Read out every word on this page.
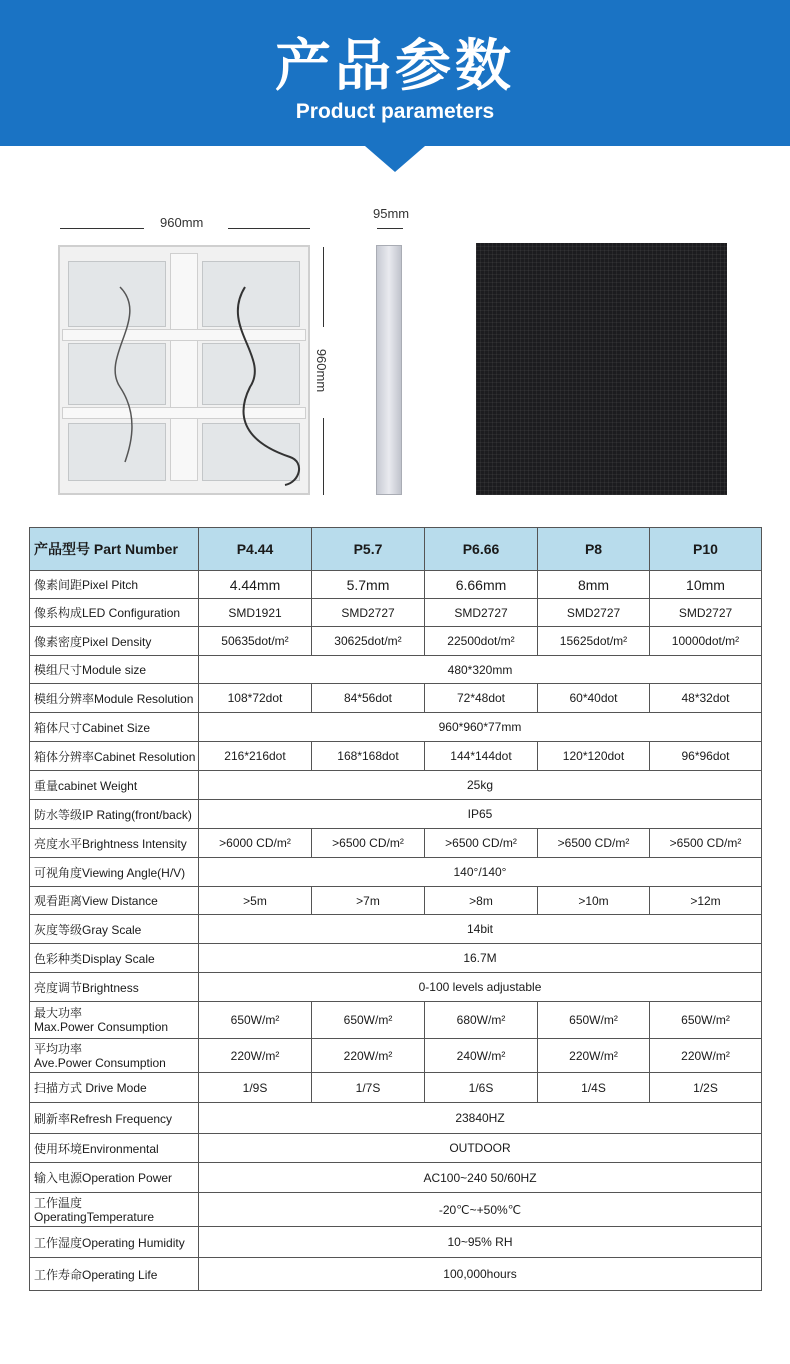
产品参数
Product parameters
960mm
960mm
95mm
产品型号 Part Number	P4.44	P5.7	P6.66	P8	P10
像素间距Pixel Pitch	4.44mm	5.7mm	6.66mm	8mm	10mm
像系构成LED Configuration	SMD1921	SMD2727	SMD2727	SMD2727	SMD2727
像素密度Pixel Density	50635dot/m²	30625dot/m²	22500dot/m²	15625dot/m²	10000dot/m²
模组尺寸Module size	480*320mm				
模组分辨率Module Resolution	108*72dot	84*56dot	72*48dot	60*40dot	48*32dot
箱体尺寸Cabinet Size	960*960*77mm				
箱体分辨率Cabinet Resolution	216*216dot	168*168dot	144*144dot	120*120dot	96*96dot
重量cabinet Weight	25kg				
防水等级IP Rating(front/back)	IP65				
亮度水平Brightness Intensity	>6000 CD/m²	>6500 CD/m²	>6500 CD/m²	>6500 CD/m²	>6500 CD/m²
可视角度Viewing Angle(H/V)	140°/140°				
观看距离View Distance	>5m	>7m	>8m	>10m	>12m
灰度等级Gray Scale	14bit				
色彩种类Display Scale	16.7M				
亮度调节Brightness	0-100 levels adjustable				

最大功率
Max.Power Consumption	650W/m²	650W/m²	680W/m²	650W/m²	650W/m²

平均功率
Ave.Power Consumption	220W/m²	220W/m²	240W/m²	220W/m²	220W/m²
扫描方式 Drive Mode	1/9S	1/7S	1/6S	1/4S	1/2S
刷新率Refresh Frequency	23840HZ				
使用环境Environmental	OUTDOOR				
输入电源Operation Power	AC100~240 50/60HZ				

工作温度
OperatingTemperature	-20℃~+50%℃				
工作湿度Operating Humidity	10~95% RH				
工作寿命Operating Life	100,000hours				
